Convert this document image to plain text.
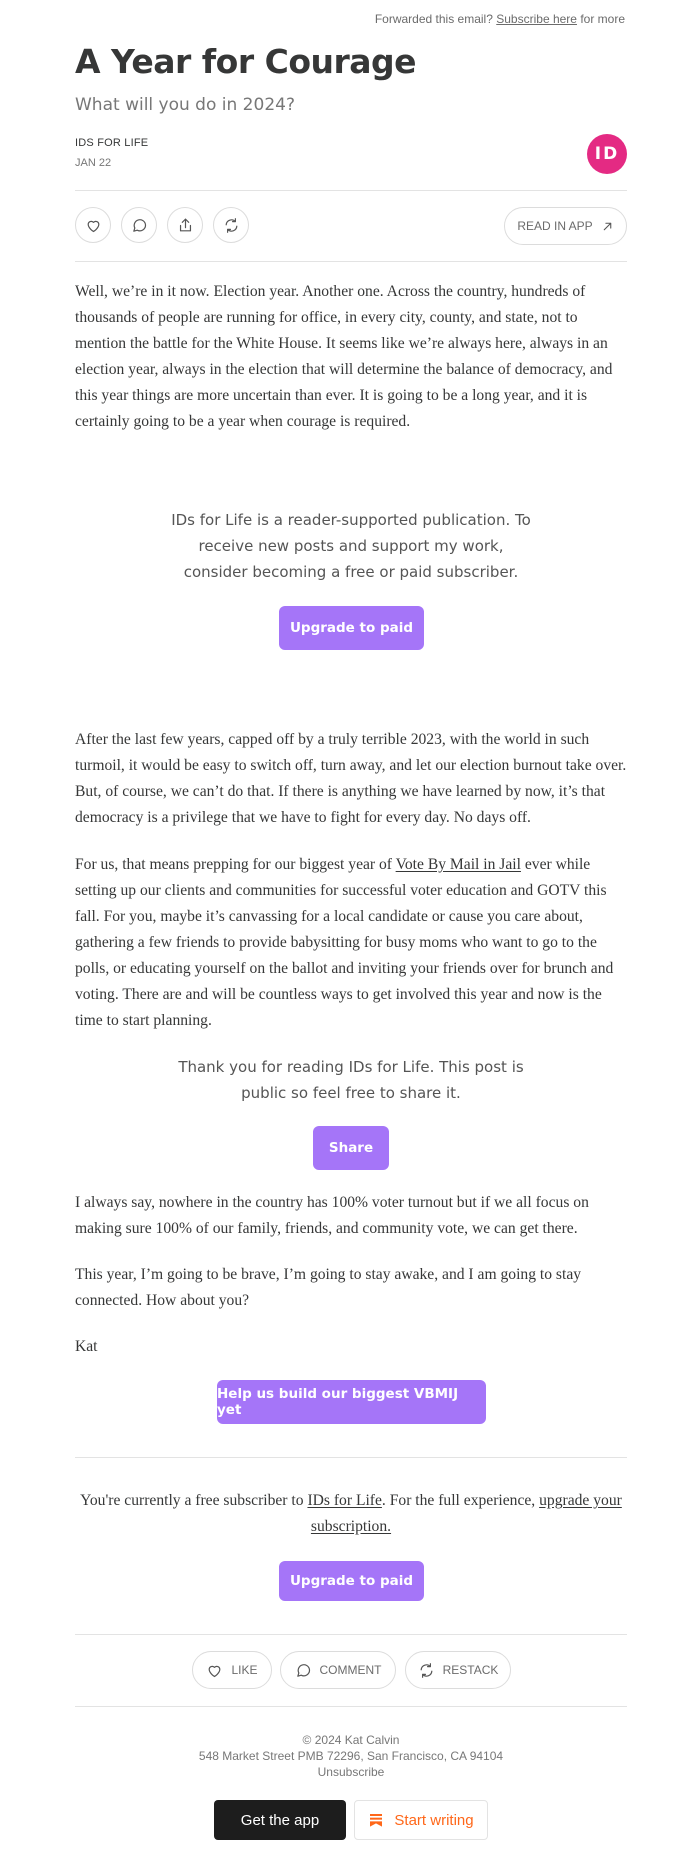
Forwarded this email? Subscribe here for more
A Year for Courage
What will you do in 2024?
IDS FOR LIFE
JAN 22	ID
READ IN APP

Well, we’re in it now. Election year. Another one. Across the country, hundreds of thousands of people are running for office, in every city, county, and state, not to mention the battle for the White House. It seems like we’re always here, always in an election year, always in the election that will determine the balance of democracy, and this year things are more uncertain than ever. It is going to be a long year, and it is certainly going to be a year when courage is required.

IDs for Life is a reader-supported publication. To receive new posts and support my work, consider becoming a free or paid subscriber.

Upgrade to paid

After the last few years, capped off by a truly terrible 2023, with the world in such turmoil, it would be easy to switch off, turn away, and let our election burnout take over. But, of course, we can’t do that. If there is anything we have learned by now, it’s that democracy is a privilege that we have to fight for every day. No days off.

For us, that means prepping for our biggest year of Vote By Mail in Jail ever while setting up our clients and communities for successful voter education and GOTV this fall. For you, maybe it’s canvassing for a local candidate or cause you care about, gathering a few friends to provide babysitting for busy moms who want to go to the polls, or educating yourself on the ballot and inviting your friends over for brunch and voting. There are and will be countless ways to get involved this year and now is the time to start planning.

Thank you for reading IDs for Life. This post is public so feel free to share it.

Share

I always say, nowhere in the country has 100% voter turnout but if we all focus on making sure 100% of our family, friends, and community vote, we can get there.

This year, I’m going to be brave, I’m going to stay awake, and I am going to stay connected. How about you?

Kat

Help us build our biggest VBMIJ yet

You're currently a free subscriber to IDs for Life. For the full experience, upgrade your subscription.

Upgrade to paid
LIKE	COMMENT	RESTACK
© 2024 Kat Calvin
548 Market Street PMB 72296, San Francisco, CA 94104
Unsubscribe
Get the app	Start writing
